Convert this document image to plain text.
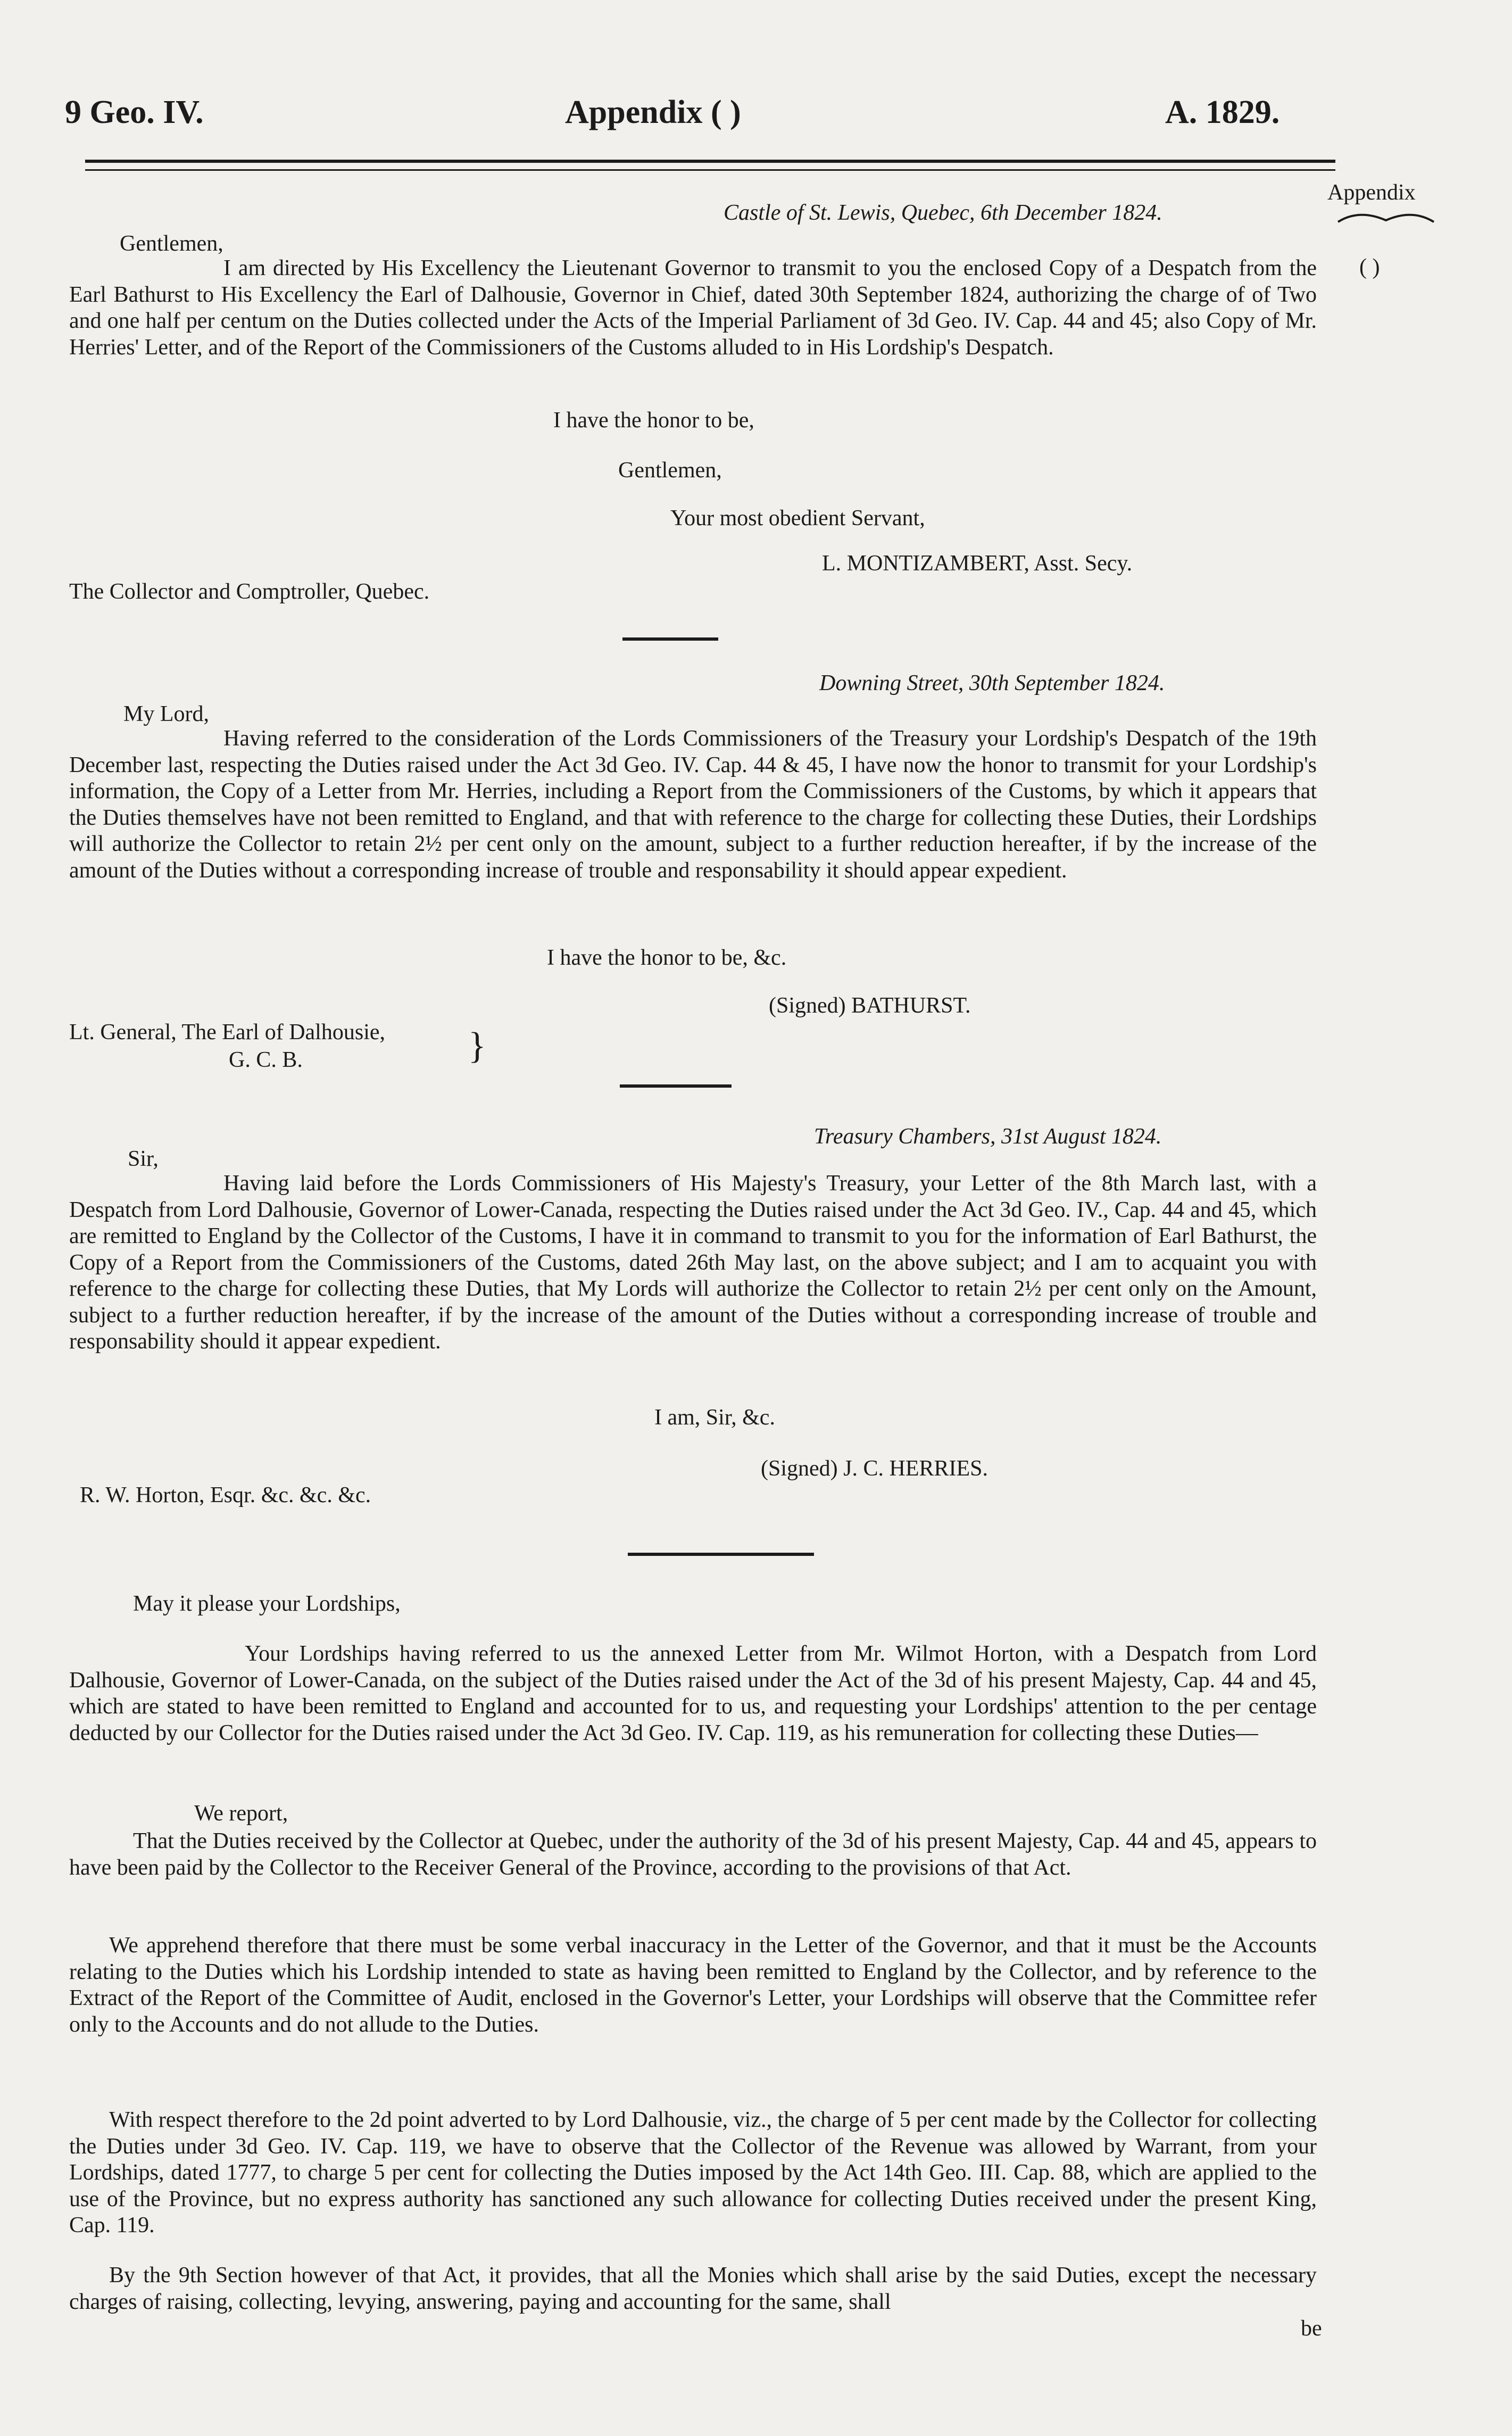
9 Geo. IV.	Appendix ( )	A. 1829.
Appendix
( )
Castle of St. Lewis, Quebec, 6th December 1824.
Gentlemen,
I am directed by His Excellency the Lieutenant Governor to transmit to you the enclosed Copy of a Despatch from the Earl Bathurst to His Excellency the Earl of Dalhousie, Governor in Chief, dated 30th September 1824, authorizing the charge of of Two and one half per centum on the Duties collected under the Acts of the Imperial Parliament of 3d Geo. IV. Cap. 44 and 45; also Copy of Mr. Herries' Letter, and of the Report of the Commissioners of the Customs alluded to in His Lordship's Despatch.
I have the honor to be,
Gentlemen,
Your most obedient Servant,
L. MONTIZAMBERT, Asst. Secy.
The Collector and Comptroller, Quebec.
Downing Street, 30th September 1824.
My Lord,
Having referred to the consideration of the Lords Commissioners of the Treasury your Lordship's Despatch of the 19th December last, respecting the Duties raised under the Act 3d Geo. IV. Cap. 44 & 45, I have now the honor to transmit for your Lordship's information, the Copy of a Letter from Mr. Herries, including a Report from the Commissioners of the Customs, by which it appears that the Duties themselves have not been remitted to England, and that with reference to the charge for collecting these Duties, their Lordships will authorize the Collector to retain 2½ per cent only on the amount, subject to a further reduction hereafter, if by the increase of the amount of the Duties without a corresponding increase of trouble and responsability it should appear expedient.
I have the honor to be, &c.
(Signed) BATHURST.
Lt. General, The Earl of Dalhousie,
G. C. B.	}
Treasury Chambers, 31st August 1824.
Sir,
Having laid before the Lords Commissioners of His Majesty's Treasury, your Letter of the 8th March last, with a Despatch from Lord Dalhousie, Governor of Lower-Canada, respecting the Duties raised under the Act 3d Geo. IV., Cap. 44 and 45, which are remitted to England by the Collector of the Customs, I have it in command to transmit to you for the information of Earl Bathurst, the Copy of a Report from the Commissioners of the Customs, dated 26th May last, on the above subject; and I am to acquaint you with reference to the charge for collecting these Duties, that My Lords will authorize the Collector to retain 2½ per cent only on the Amount, subject to a further reduction hereafter, if by the increase of the amount of the Duties without a corresponding increase of trouble and responsability should it appear expedient.
I am, Sir, &c.
(Signed) J. C. HERRIES.
R. W. Horton, Esqr. &c. &c. &c.
May it please your Lordships,
Your Lordships having referred to us the annexed Letter from Mr. Wilmot Horton, with a Despatch from Lord Dalhousie, Governor of Lower-Canada, on the subject of the Duties raised under the Act of the 3d of his present Majesty, Cap. 44 and 45, which are stated to have been remitted to England and accounted for to us, and requesting your Lordships' attention to the per centage deducted by our Collector for the Duties raised under the Act 3d Geo. IV. Cap. 119, as his remuneration for collecting these Duties—
We report,
That the Duties received by the Collector at Quebec, under the authority of the 3d of his present Majesty, Cap. 44 and 45, appears to have been paid by the Collector to the Receiver General of the Province, according to the provisions of that Act.
We apprehend therefore that there must be some verbal inaccuracy in the Letter of the Governor, and that it must be the Accounts relating to the Duties which his Lordship intended to state as having been remitted to England by the Collector, and by reference to the Extract of the Report of the Committee of Audit, enclosed in the Governor's Letter, your Lordships will observe that the Committee refer only to the Accounts and do not allude to the Duties.
With respect therefore to the 2d point adverted to by Lord Dalhousie, viz., the charge of 5 per cent made by the Collector for collecting the Duties under 3d Geo. IV. Cap. 119, we have to observe that the Collector of the Revenue was allowed by Warrant, from your Lordships, dated 1777, to charge 5 per cent for collecting the Duties imposed by the Act 14th Geo. III. Cap. 88, which are applied to the use of the Province, but no express authority has sanctioned any such allowance for collecting Duties received under the present King, Cap. 119.
By the 9th Section however of that Act, it provides, that all the Monies which shall arise by the said Duties, except the necessary charges of raising, collecting, levying, answering, paying and accounting for the same, shall
be
